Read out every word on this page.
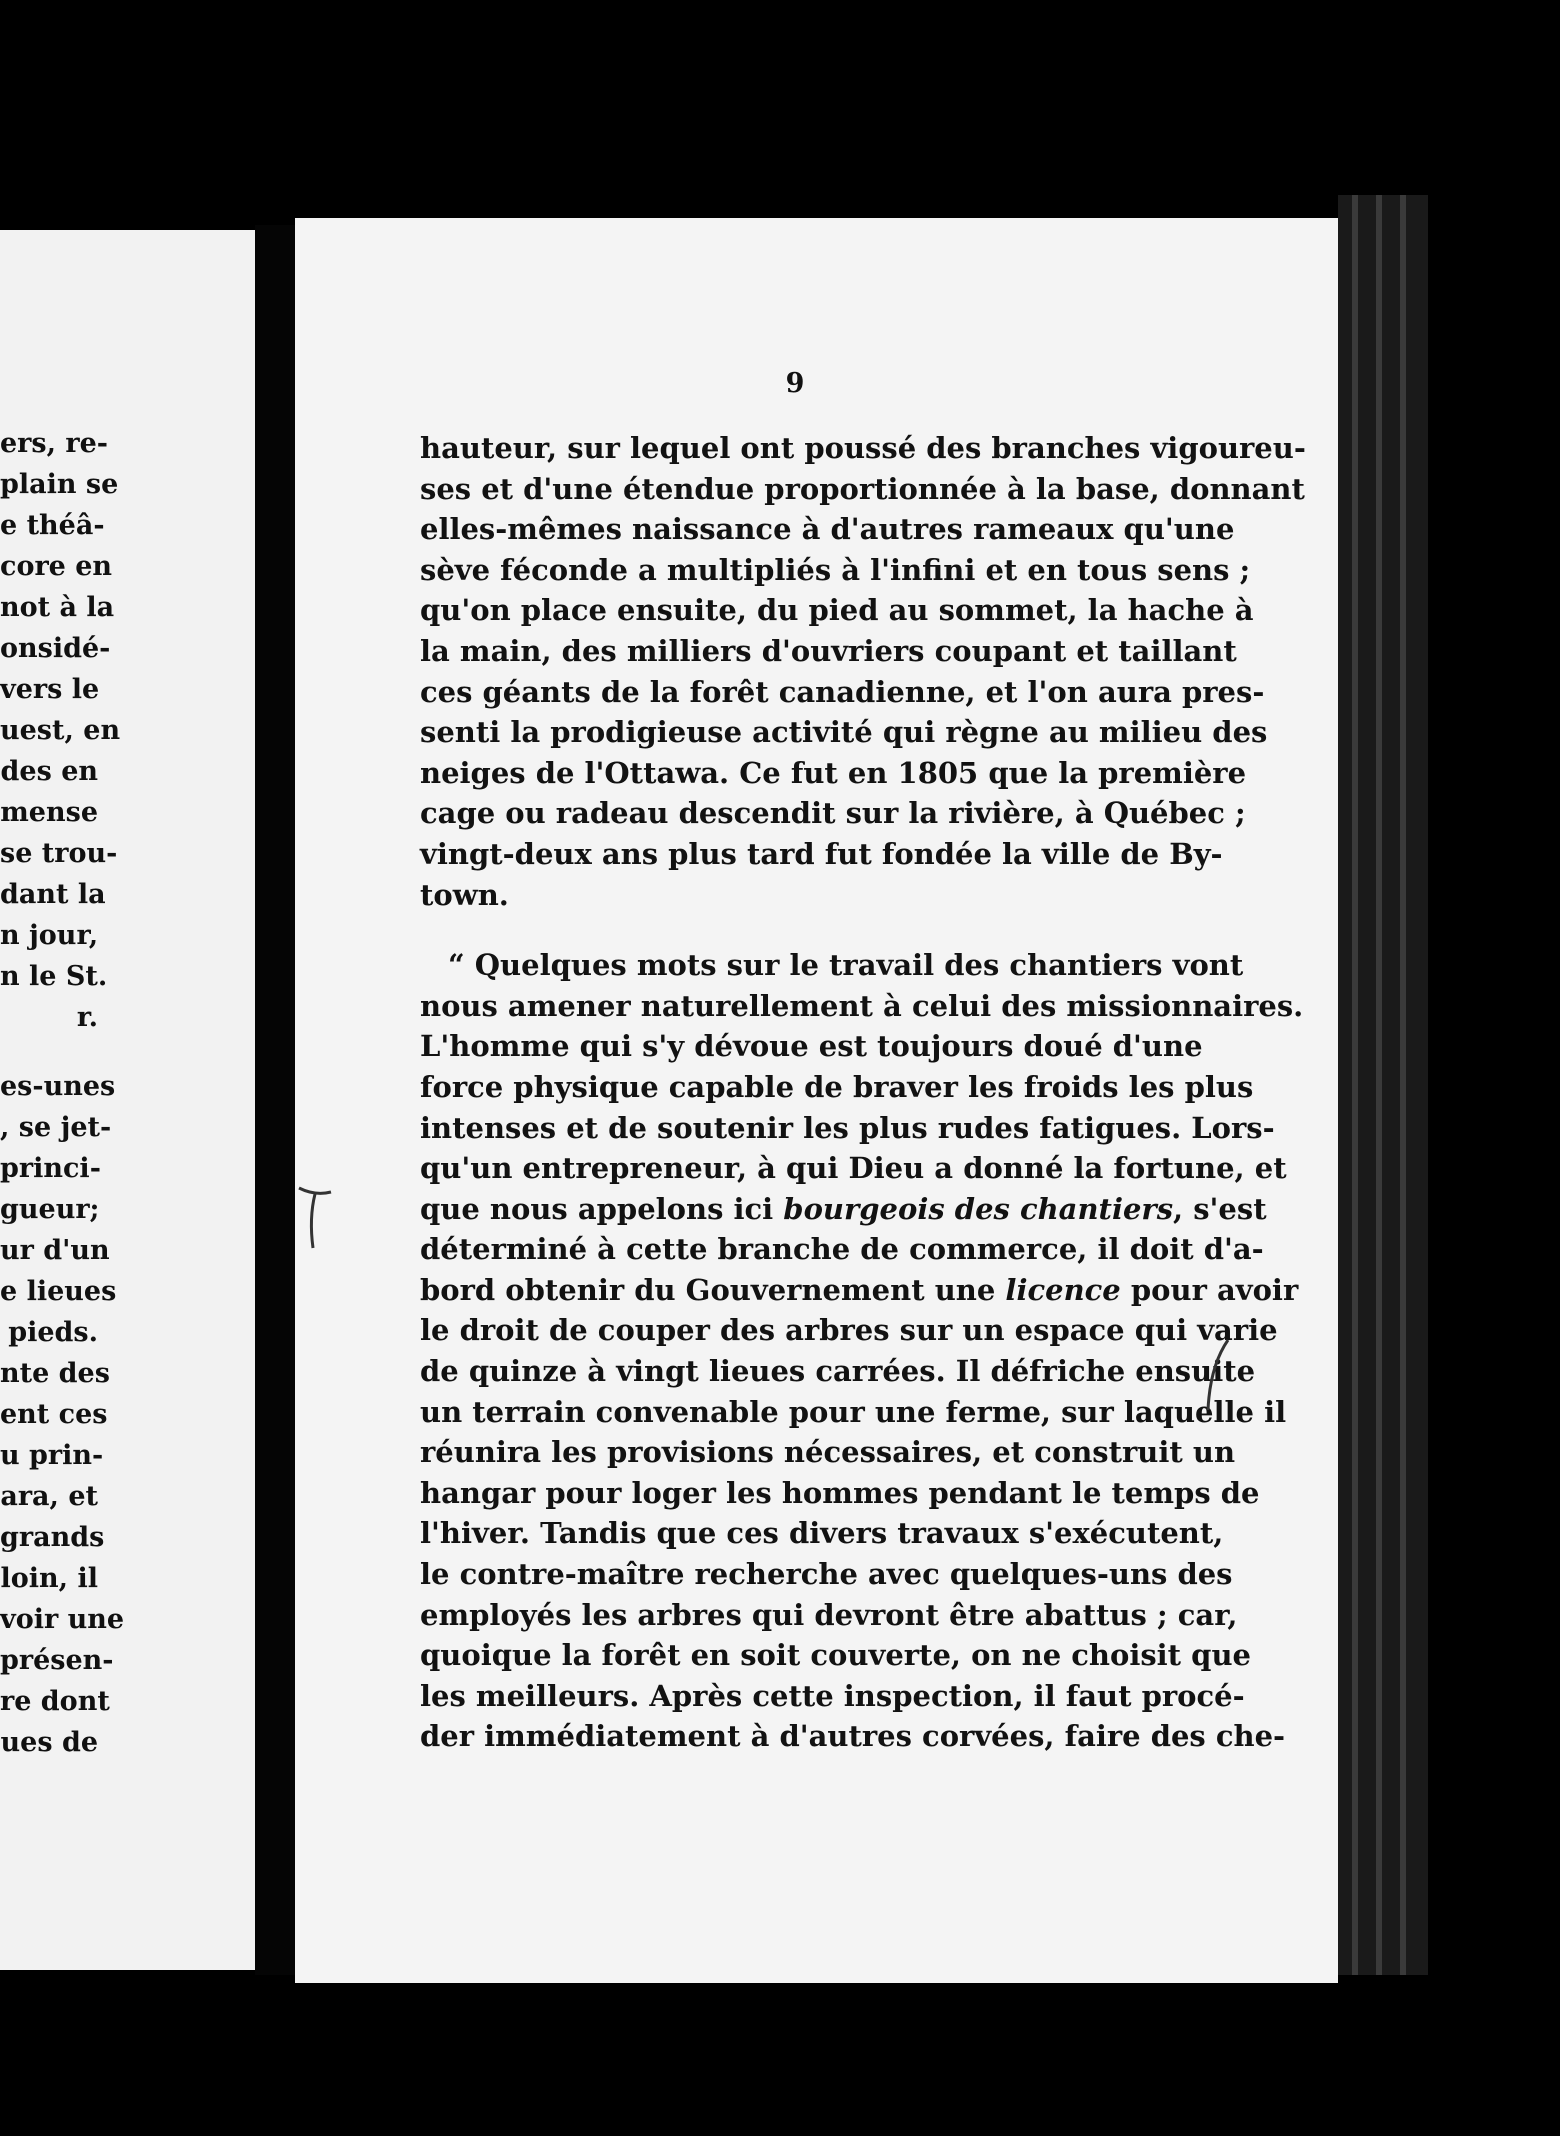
ers, re-
plain se
e théâ-
core en
not à la
onsidé-
vers le
uest, en
des en
mense
se trou-
dant la
n jour,
n le St.
r.
es-unes
, se jet-
princi-
gueur;
ur d'un
e lieues
pieds.
nte des
ent ces
u prin-
ara, et
grands
loin, il
voir une
présen-
re dont
ues de
9
hauteur, sur lequel ont poussé des branches vigoureu-
ses et d'une étendue proportionnée à la base, donnant
elles-mêmes naissance à d'autres rameaux qu'une
sève féconde a multipliés à l'infini et en tous sens ;
qu'on place ensuite, du pied au sommet, la hache à
la main, des milliers d'ouvriers coupant et taillant
ces géants de la forêt canadienne, et l'on aura pres-
senti la prodigieuse activité qui règne au milieu des
neiges de l'Ottawa. Ce fut en 1805 que la première
cage ou radeau descendit sur la rivière, à Québec ;
vingt-deux ans plus tard fut fondée la ville de By-
town.
“ Quelques mots sur le travail des chantiers vont
nous amener naturellement à celui des missionnaires.
L'homme qui s'y dévoue est toujours doué d'une
force physique capable de braver les froids les plus
intenses et de soutenir les plus rudes fatigues. Lors-
qu'un entrepreneur, à qui Dieu a donné la fortune, et
que nous appelons ici bourgeois des chantiers, s'est
déterminé à cette branche de commerce, il doit d'a-
bord obtenir du Gouvernement une licence pour avoir
le droit de couper des arbres sur un espace qui varie
de quinze à vingt lieues carrées. Il défriche ensuite
un terrain convenable pour une ferme, sur laquelle il
réunira les provisions nécessaires, et construit un
hangar pour loger les hommes pendant le temps de
l'hiver. Tandis que ces divers travaux s'exécutent,
le contre-maître recherche avec quelques-uns des
employés les arbres qui devront être abattus ; car,
quoique la forêt en soit couverte, on ne choisit que
les meilleurs. Après cette inspection, il faut procé-
der immédiatement à d'autres corvées, faire des che-
